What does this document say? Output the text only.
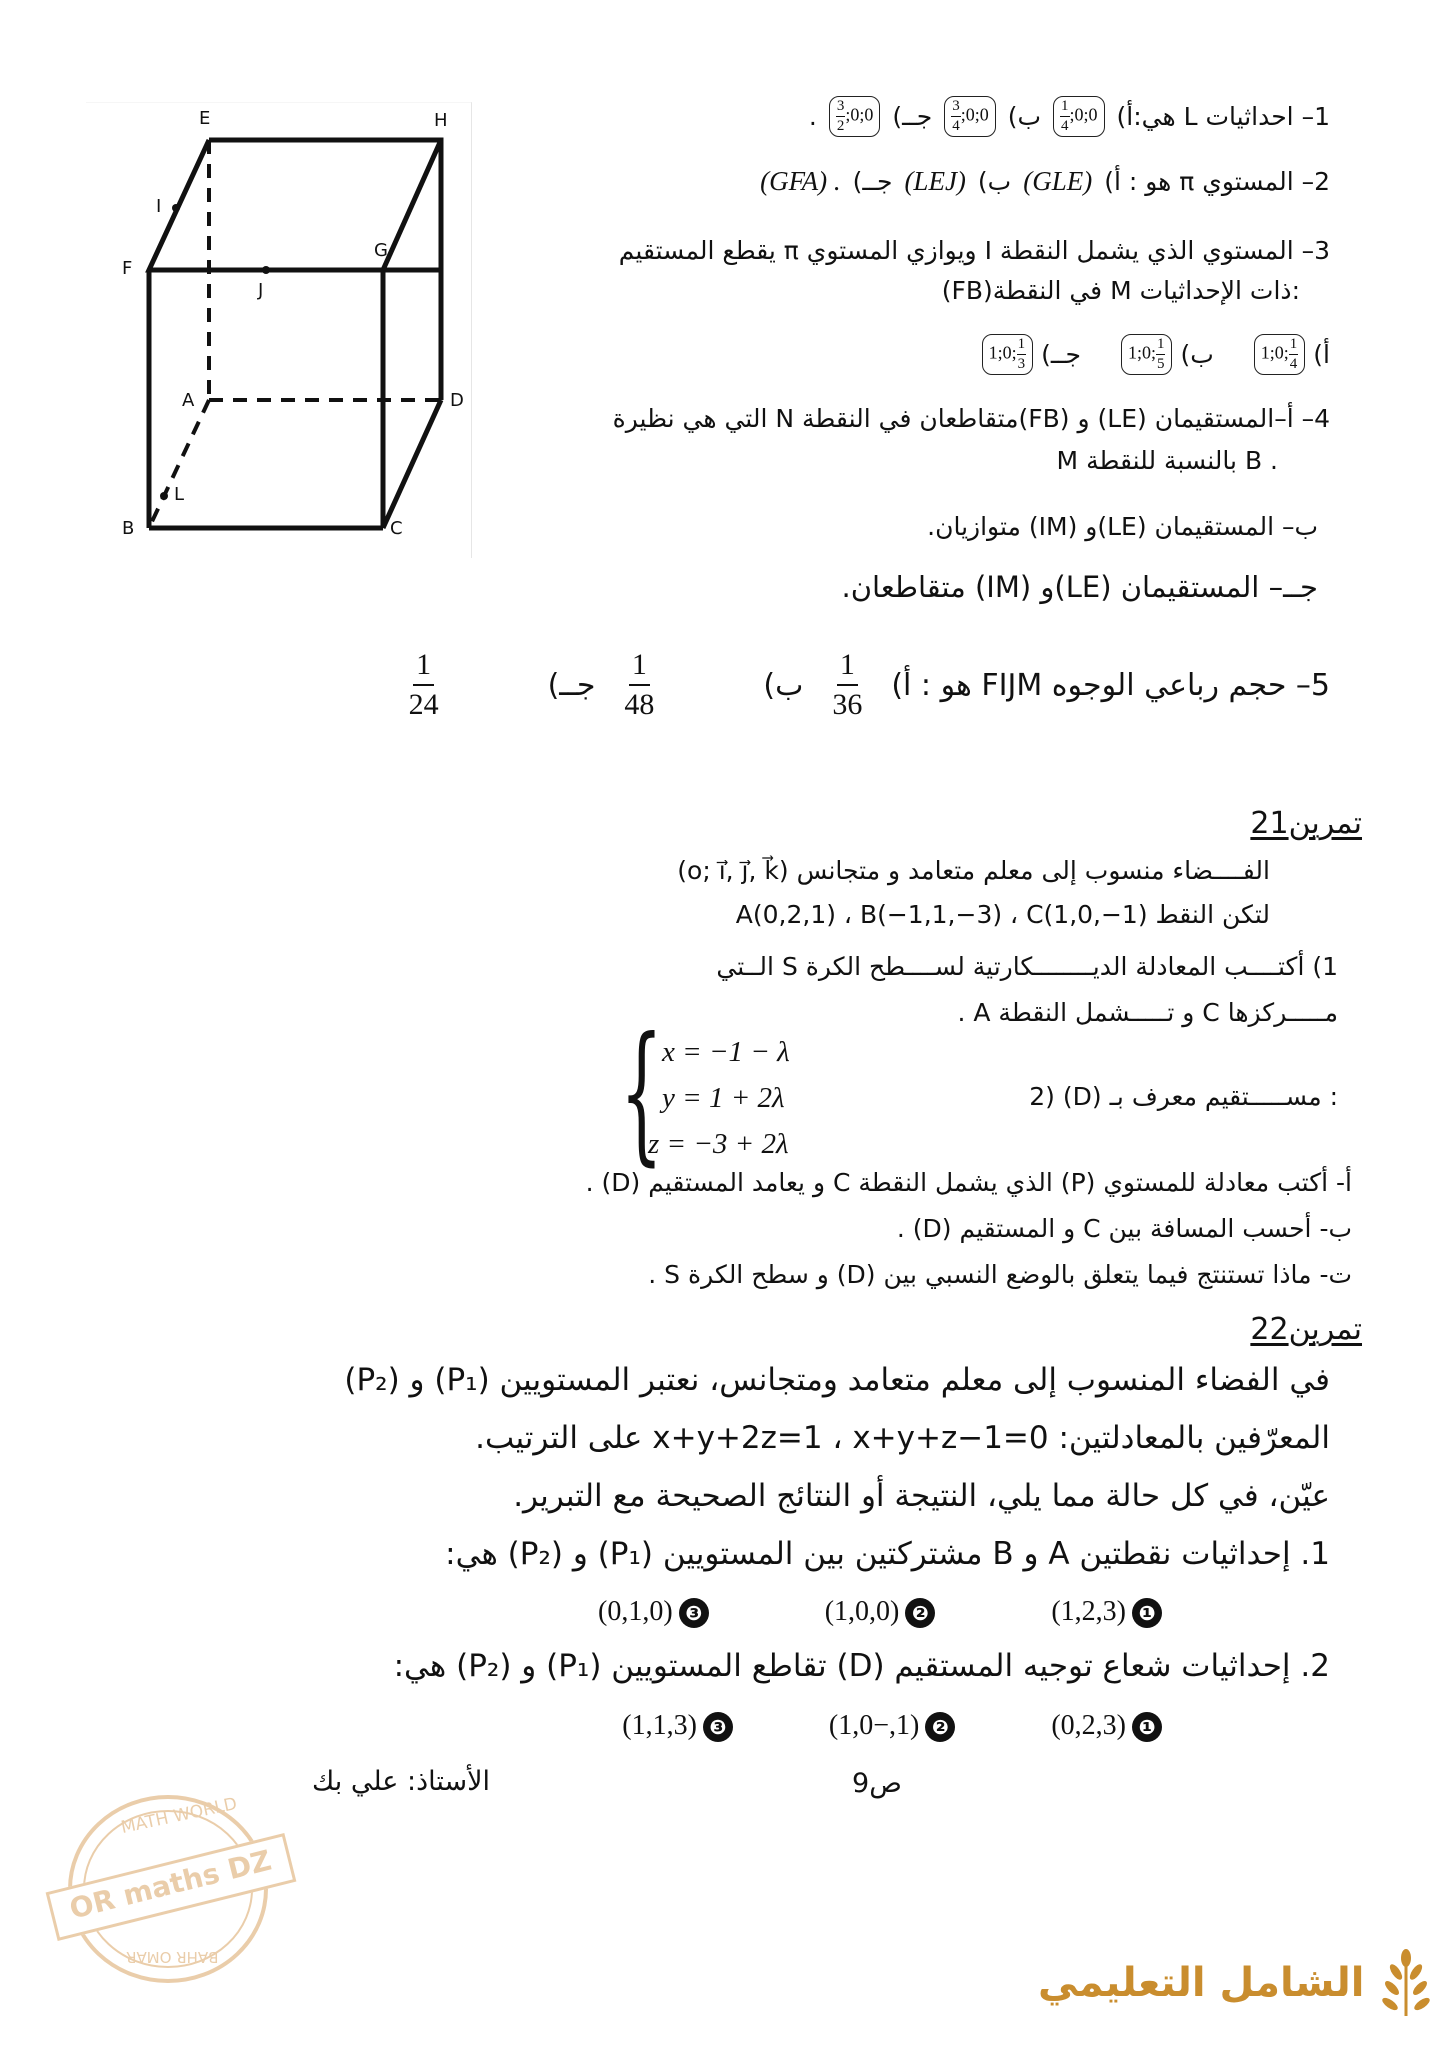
E	H
I
F
J
G
A	D
L
B	C
1– احداثيات L هي:أ)
$\frac{1}{4}$ ;0;0
ب)
$\frac{3}{4}$ ;0;0
جــ)
$\frac{3}{2}$ ;0;0
.
2– المستوي π هو : أ)
(GLE)
ب)
(LEJ)
جــ)
(GFA) .
3– المستوي الذي يشمل النقطة I ويوازي المستوي π يقطع المستقيم
(FB)في النقطة M ذات الإحداثيات:
أ)
1;0; $\frac{1}{4}$
ب)
1;0; $\frac{1}{5}$
جــ)
1;0; $\frac{1}{3}$
4– أ–المستقيمان (LE) و (FB)متقاطعان في النقطة N التي هي نظيرة
M بالنسبة للنقطة B .
ب– المستقيمان (LE)و (IM) متوازيان.
جــ– المستقيمان (LE)و (IM) متقاطعان.
5– حجم رباعي الوجوه FIJM هو : أ)
$\frac{1}{36}$
ب)
$\frac{1}{48}$
جــ)
$\frac{1}{24}$
تمرين21
الفــــضاء منسوب إلى معلم متعامد و متجانس (o; i⃗, j⃗, k⃗)
لتكن النقط A(0,2,1) ، B(−1,1,−3) ، C(1,0,−1)
1) أكتــــب المعادلة الديــــــــكارتية لســــطح الكرة S الــتي
مـــــركزها C و تـــــشمل النقطة A .
2) (D) مســـــتقيم معرف بـ :
{ x = −1 − λ
y = 1 + 2λ
z = −3 + 2λ
أ- أكتب معادلة للمستوي (P) الذي يشمل النقطة C و يعامد المستقيم (D) .
ب- أحسب المسافة بين C و المستقيم (D) .
ت- ماذا تستنتج فيما يتعلق بالوضع النسبي بين (D) و سطح الكرة S .
تمرين22
في الفضاء المنسوب إلى معلم متعامد ومتجانس، نعتبر المستويين (P₁) و (P₂)
المعرّفين بالمعادلتين: x+y+2z=1 ، x+y+z−1=0 على الترتيب.
عيّن، في كل حالة مما يلي، النتيجة أو النتائج الصحيحة مع التبرير.
1. إحداثيات نقطتين A و B مشتركتين بين المستويين (P₁) و (P₂) هي:
❶(1,2,3)
❷(1,0,0)
❸(0,1,0)
2. إحداثيات شعاع توجيه المستقيم (D) تقاطع المستويين (P₁) و (P₂) هي:
❶(0,2,3)
❷(1,−1,0)
❸(1,1,3)
ص9
الأستاذ: علي بك
MATH WORLD
OR maths DZ
BAHR OMAR
الشامل التعليمي
